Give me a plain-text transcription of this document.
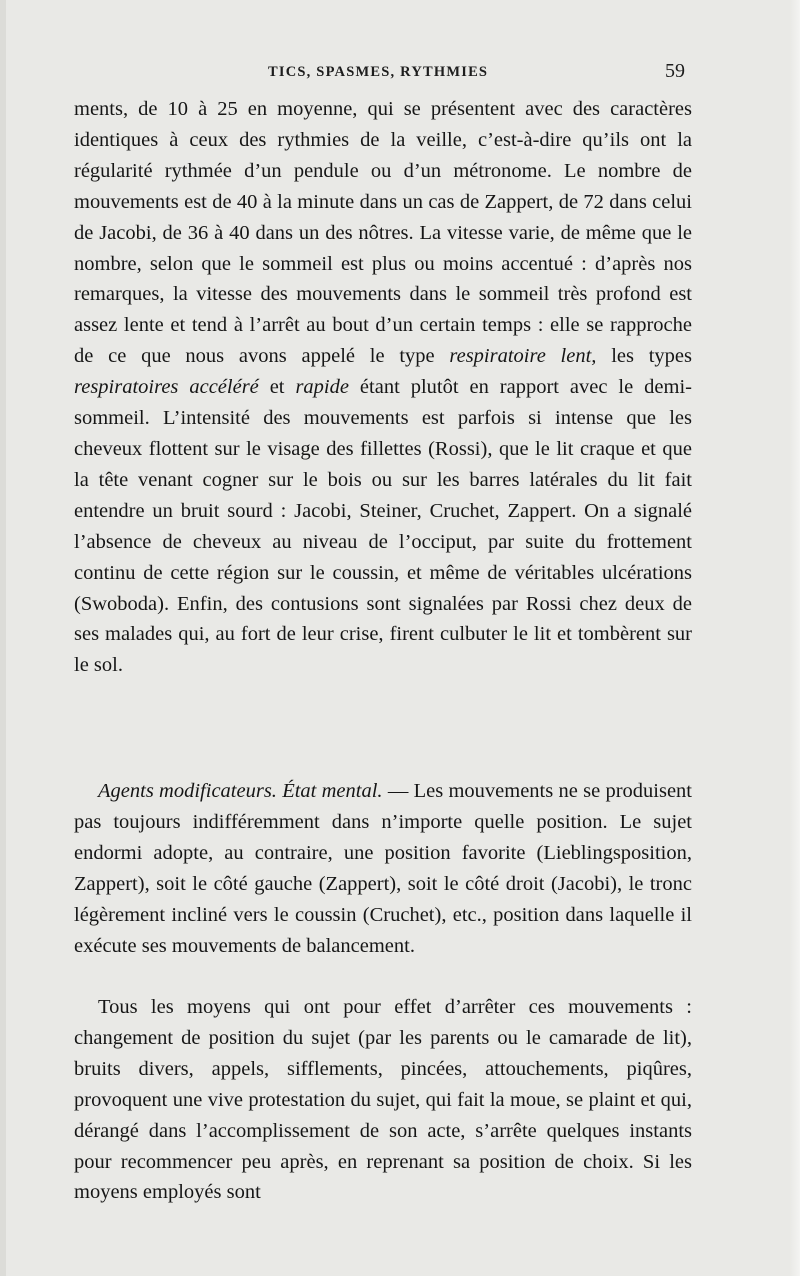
TICS, SPASMES, RYTHMIES	59

ments, de 10 à 25 en moyenne, qui se présentent avec des caractères identiques à ceux des rythmies de la veille, c’est-à-dire qu’ils ont la régularité rythmée d’un pendule ou d’un métronome. Le nombre de mouvements est de 40 à la minute dans un cas de Zappert, de 72 dans celui de Jacobi, de 36 à 40 dans un des nôtres. La vitesse varie, de même que le nombre, selon que le sommeil est plus ou moins accentué : d’après nos remarques, la vitesse des mouvements dans le sommeil très profond est assez lente et tend à l’arrêt au bout d’un certain temps : elle se rapproche de ce que nous avons appelé le type respiratoire lent, les types respiratoires accéléré et rapide étant plutôt en rapport avec le demi-sommeil. L’intensité des mouvements est parfois si intense que les cheveux flottent sur le visage des fillettes (Rossi), que le lit craque et que la tête venant cogner sur le bois ou sur les barres latérales du lit fait entendre un bruit sourd : Jacobi, Steiner, Cruchet, Zappert. On a signalé l’absence de cheveux au niveau de l’occiput, par suite du frottement continu de cette région sur le coussin, et même de véritables ulcérations (Swoboda). Enfin, des contusions sont signalées par Rossi chez deux de ses malades qui, au fort de leur crise, firent culbuter le lit et tombèrent sur le sol.

Agents modificateurs. État mental. — Les mouvements ne se produisent pas toujours indifféremment dans n’importe quelle position. Le sujet endormi adopte, au contraire, une position favorite (Lieblingsposition, Zappert), soit le côté gauche (Zappert), soit le côté droit (Jacobi), le tronc légèrement incliné vers le coussin (Cruchet), etc., position dans laquelle il exécute ses mouvements de balancement.

Tous les moyens qui ont pour effet d’arrêter ces mouvements : changement de position du sujet (par les parents ou le camarade de lit), bruits divers, appels, sifflements, pincées, attouchements, piqûres, provoquent une vive protestation du sujet, qui fait la moue, se plaint et qui, dérangé dans l’accomplissement de son acte, s’arrête quelques instants pour recommencer peu après, en reprenant sa position de choix. Si les moyens employés sont
